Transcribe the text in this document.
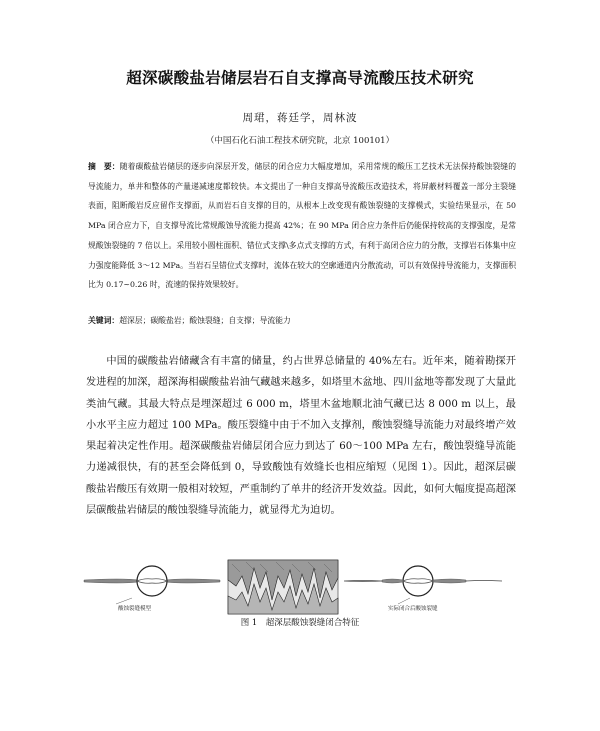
超深碳酸盐岩储层岩石自支撑高导流酸压技术研究
周珺，蒋廷学，周林波
（中国石化石油工程技术研究院，北京 100101）
摘　要：随着碳酸盐岩储层的逐步向深层开发，储层的闭合应力大幅度增加，采用常规的酸压工艺技术无法保持酸蚀裂缝的导流能力，单井和整体的产量递减速度都较快。本文提出了一种自支撑高导流酸压改造技术，将屏蔽材料覆盖一部分主裂缝表面，阻断酸岩反应留作支撑面，从而岩石自支撑的目的，从根本上改变现有酸蚀裂缝的支撑模式，实验结果显示，在 50 MPa 闭合应力下，自支撑导流比常规酸蚀导流能力提高 42%；在 90 MPa 闭合应力条件后仍能保持较高的支撑强度，是常规酸蚀裂缝的 7 倍以上。采用较小圆柱面积、错位式支撑\多点式支撑的方式，有利于高闭合应力的分散，支撑岩石体集中应力强度能降低 3～12 MPa。当岩石呈错位式支撑时，流体在较大的空廓通道内分散流动，可以有效保持导流能力，支撑面积比为 0.17~0.26 时，流速的保持效果较好。
关键词：超深层；碳酸盐岩；酸蚀裂缝；自支撑；导流能力
中国的碳酸盐岩储藏含有丰富的储量，约占世界总储量的 40%左右。近年来，随着勘探开发进程的加深，超深海相碳酸盐岩油气藏越来越多，如塔里木盆地、四川盆地等都发现了大量此类油气藏。其最大特点是埋深超过 6 000 m，塔里木盆地顺北油气藏已达 8 000 m 以上，最小水平主应力超过 100 MPa。酸压裂缝中由于不加入支撑剂，酸蚀裂缝导流能力对最终增产效果起着决定性作用。超深碳酸盐岩储层闭合应力到达了 60～100 MPa 左右，酸蚀裂缝导流能力递减很快，有的甚至会降低到 0，导致酸蚀有效缝长也相应缩短（见图 1）。因此，超深层碳酸盐岩酸压有效期一般相对较短，严重制约了单井的经济开发效益。因此，如何大幅度提高超深层碳酸盐岩储层的酸蚀裂缝导流能力，就显得尤为迫切。
酸蚀裂缝模型	实际闭合后酸蚀裂缝
图 1　超深层酸蚀裂缝闭合特征
